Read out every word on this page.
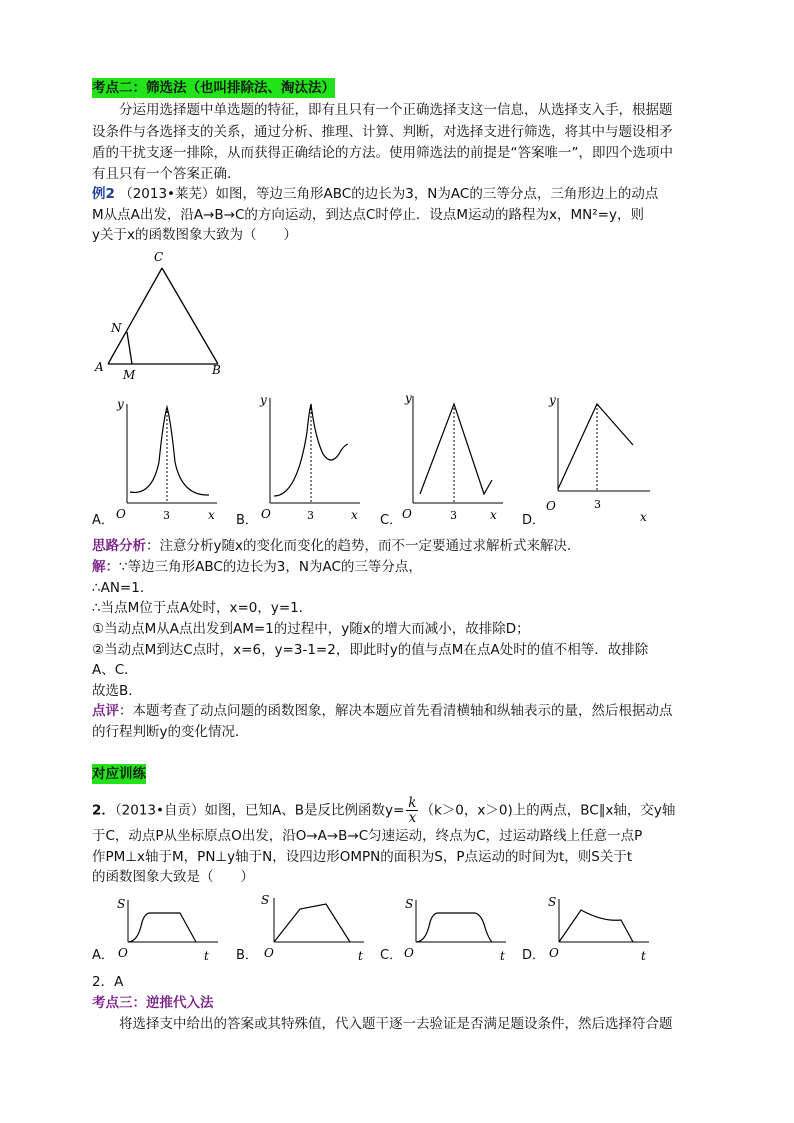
考点二：筛选法（也叫排除法、淘汰法）
分运用选择题中单选题的特征，即有且只有一个正确选择支这一信息，从选择支入手，根据题
设条件与各选择支的关系，通过分析、推理、计算、判断，对选择支进行筛选，将其中与题设相矛
盾的干扰支逐一排除，从而获得正确结论的方法。使用筛选法的前提是“答案唯一”，即四个选项中
有且只有一个答案正确.
例2 （2013•莱芜）如图，等边三角形ABC的边长为3，N为AC的三等分点，三角形边上的动点
M从点A出发，沿A→B→C的方向运动，到达点C时停止．设点M运动的路程为x，MN²=y，则
y关于x的函数图象大致为（　　）
C
N
A
M	B
A．
y
O	3	x B．
y
O	3	x C．
y
O	3	x D．
y
O	3
x
思路分析：注意分析y随x的变化而变化的趋势，而不一定要通过求解析式来解决．
解：∵等边三角形ABC的边长为3，N为AC的三等分点，
∴AN=1．
∴当点M位于点A处时，x=0，y=1．
①当动点M从A点出发到AM=1的过程中，y随x的增大而减小，故排除D；
②当动点M到达C点时，x=6，y=3-1=2，即此时y的值与点M在点A处时的值不相等．故排除
A、C．
故选B．
点评：本题考查了动点问题的函数图象，解决本题应首先看清横轴和纵轴表示的量，然后根据动点
的行程判断y的变化情况．
对应训练
2．（2013•自贡）如图，已知A、B是反比例函数$y= \frac{k}{x} (k>0$，x＞0)上的两点，BC∥x轴，交y轴
于C，动点P从坐标原点O出发，沿O→A→B→C匀速运动，终点为C，过运动路线上任意一点P
作PM⊥x轴于M，PN⊥y轴于N，设四边形OMPN的面积为S，P点运动的时间为t，则S关于t
的函数图象大致是（　　）
A．
S
O	t B．
S
O	t C．
S
O	t D．
S
O	t
2．A
考点三：逆推代入法
将选择支中给出的答案或其特殊值，代入题干逐一去验证是否满足题设条件，然后选择符合题
